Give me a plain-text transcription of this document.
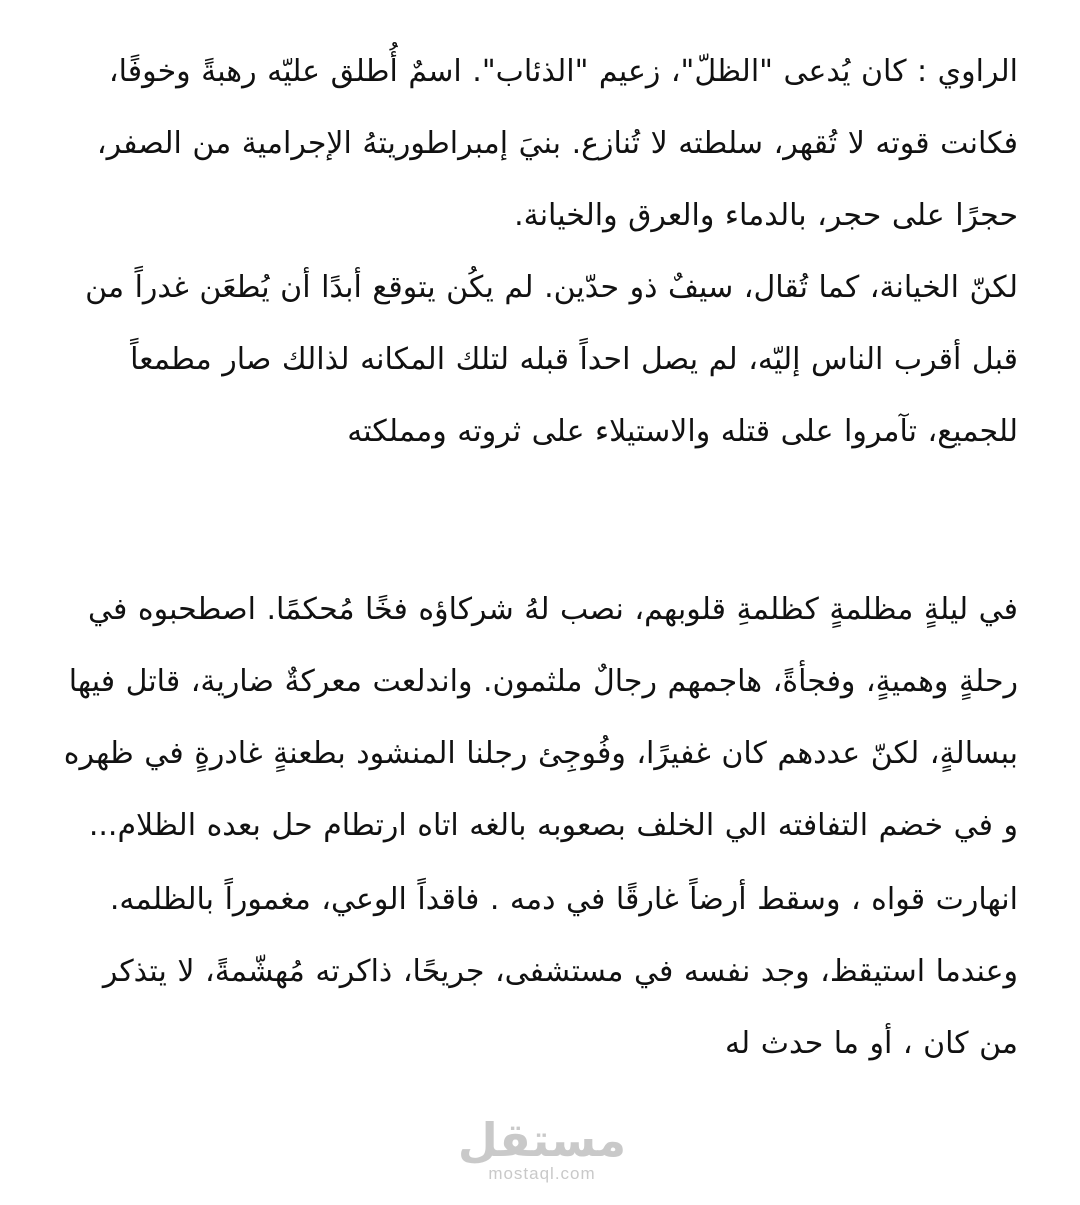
الراوي : كان يُدعى "الظلّ"، زعيم "الذئاب". اسمٌ أُطلق عليّه رهبةً وخوفًا، فكانت قوته لا تُقهر، سلطته لا تُنازع. بنيَ إمبراطوريتهُ الإجرامية من الصفر، حجرًا على حجر، بالدماء والعرق والخيانة.

لكنّ الخيانة، كما تُقال، سيفٌ ذو حدّين. لم يكُن يتوقع أبدًا أن يُطعَن غدراً من قبل أقرب الناس إليّه، لم يصل احداً قبله لتلك المكانه لذالك صار مطمعاً للجميع، تآمروا على قتله والاستيلاء على ثروته ومملكته

في ليلةٍ مظلمةٍ كظلمةِ قلوبهم، نصب لهُ شركاؤه فخًا مُحكمًا. اصطحبوه في رحلةٍ وهميةٍ، وفجأةً، هاجمهم رجالٌ ملثمون. واندلعت معركةٌ ضارية، قاتل فيها ببسالةٍ، لكنّ عددهم كان غفيرًا، وفُوجِئ رجلنا المنشود بطعنةٍ غادرةٍ في ظهره و في خضم التفافته الي الخلف بصعوبه بالغه اتاه ارتطام حل بعده الظلام...

انهارت قواه ، وسقط أرضاً غارقًا في دمه . فاقداً الوعي، مغموراً بالظلمه. وعندما استيقظ، وجد نفسه في مستشفى، جريحًا، ذاكرته مُهشّمةً، لا يتذكر من كان ، أو ما حدث له

مستقل
mostaql.com
